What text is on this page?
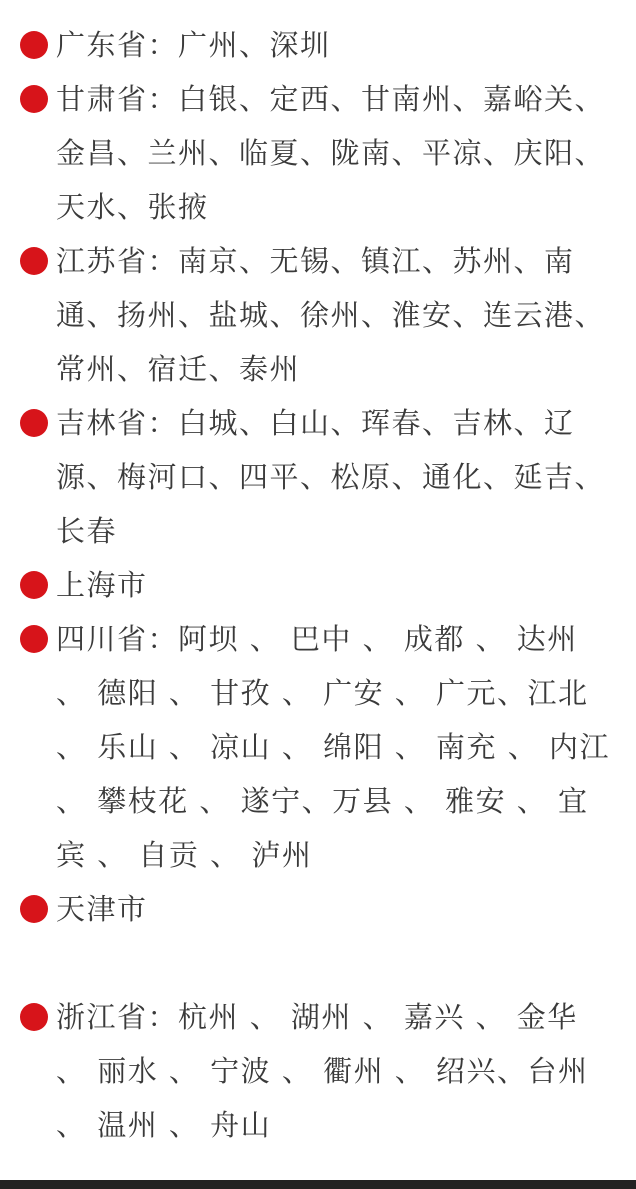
广东省：广州、深圳
甘肃省：白银、定西、甘南州、嘉峪关、金昌、兰州、临夏、陇南、平凉、庆阳、天水、张掖
江苏省：南京、无锡、镇江、苏州、南通、扬州、盐城、徐州、淮安、连云港、常州、宿迁、泰州
吉林省：白城、白山、珲春、吉林、辽源、梅河口、四平、松原、通化、延吉、长春
上海市
四川省：阿坝 、 巴中 、 成都 、 达州 、 德阳 、 甘孜 、 广安 、 广元、江北 、 乐山 、 凉山 、 绵阳 、 南充 、 内江 、 攀枝花 、 遂宁、万县 、 雅安 、 宜宾 、 自贡 、 泸州
天津市
浙江省：杭州 、 湖州 、 嘉兴 、 金华 、 丽水 、 宁波 、 衢州 、 绍兴、台州 、 温州 、 舟山
